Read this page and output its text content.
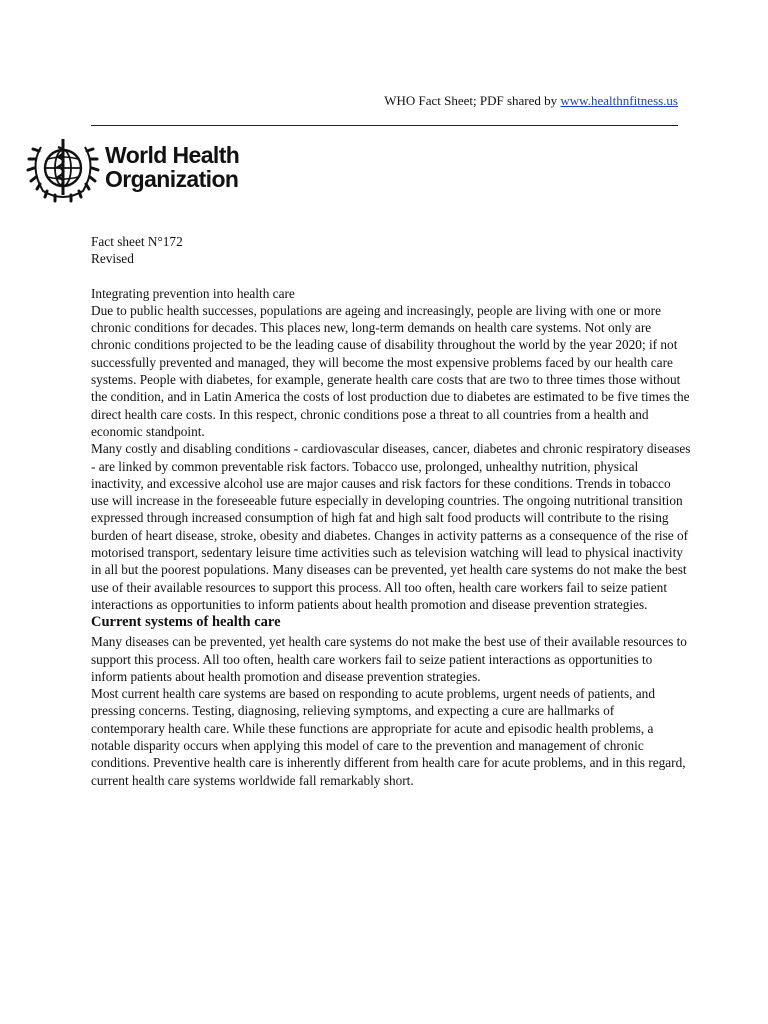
WHO Fact Sheet; PDF shared by www.healthnfitness.us
World Health
Organization

Fact sheet N°172

Revised

Integrating prevention into health care

Due to public health successes, populations are ageing and increasingly, people are living with one or more chronic conditions for decades. This places new, long-term demands on health care systems. Not only are chronic conditions projected to be the leading cause of disability throughout the world by the year 2020; if not successfully prevented and managed, they will become the most expensive problems faced by our health care systems. People with diabetes, for example, generate health care costs that are two to three times those without the condition, and in Latin America the costs of lost production due to diabetes are estimated to be five times the direct health care costs. In this respect, chronic conditions pose a threat to all countries from a health and economic standpoint.

Many costly and disabling conditions - cardiovascular diseases, cancer, diabetes and chronic respiratory diseases - are linked by common preventable risk factors. Tobacco use, prolonged, unhealthy nutrition, physical inactivity, and excessive alcohol use are major causes and risk factors for these conditions. Trends in tobacco use will increase in the foreseeable future especially in developing countries. The ongoing nutritional transition expressed through increased consumption of high fat and high salt food products will contribute to the rising burden of heart disease, stroke, obesity and diabetes. Changes in activity patterns as a consequence of the rise of motorised transport, sedentary leisure time activities such as television watching will lead to physical inactivity in all but the poorest populations. Many diseases can be prevented, yet health care systems do not make the best use of their available resources to support this process. All too often, health care workers fail to seize patient interactions as opportunities to inform patients about health promotion and disease prevention strategies.

Current systems of health care

Many diseases can be prevented, yet health care systems do not make the best use of their available resources to support this process. All too often, health care workers fail to seize patient interactions as opportunities to inform patients about health promotion and disease prevention strategies.

Most current health care systems are based on responding to acute problems, urgent needs of patients, and pressing concerns. Testing, diagnosing, relieving symptoms, and expecting a cure are hallmarks of contemporary health care. While these functions are appropriate for acute and episodic health problems, a notable disparity occurs when applying this model of care to the prevention and management of chronic conditions. Preventive health care is inherently different from health care for acute problems, and in this regard, current health care systems worldwide fall remarkably short.
